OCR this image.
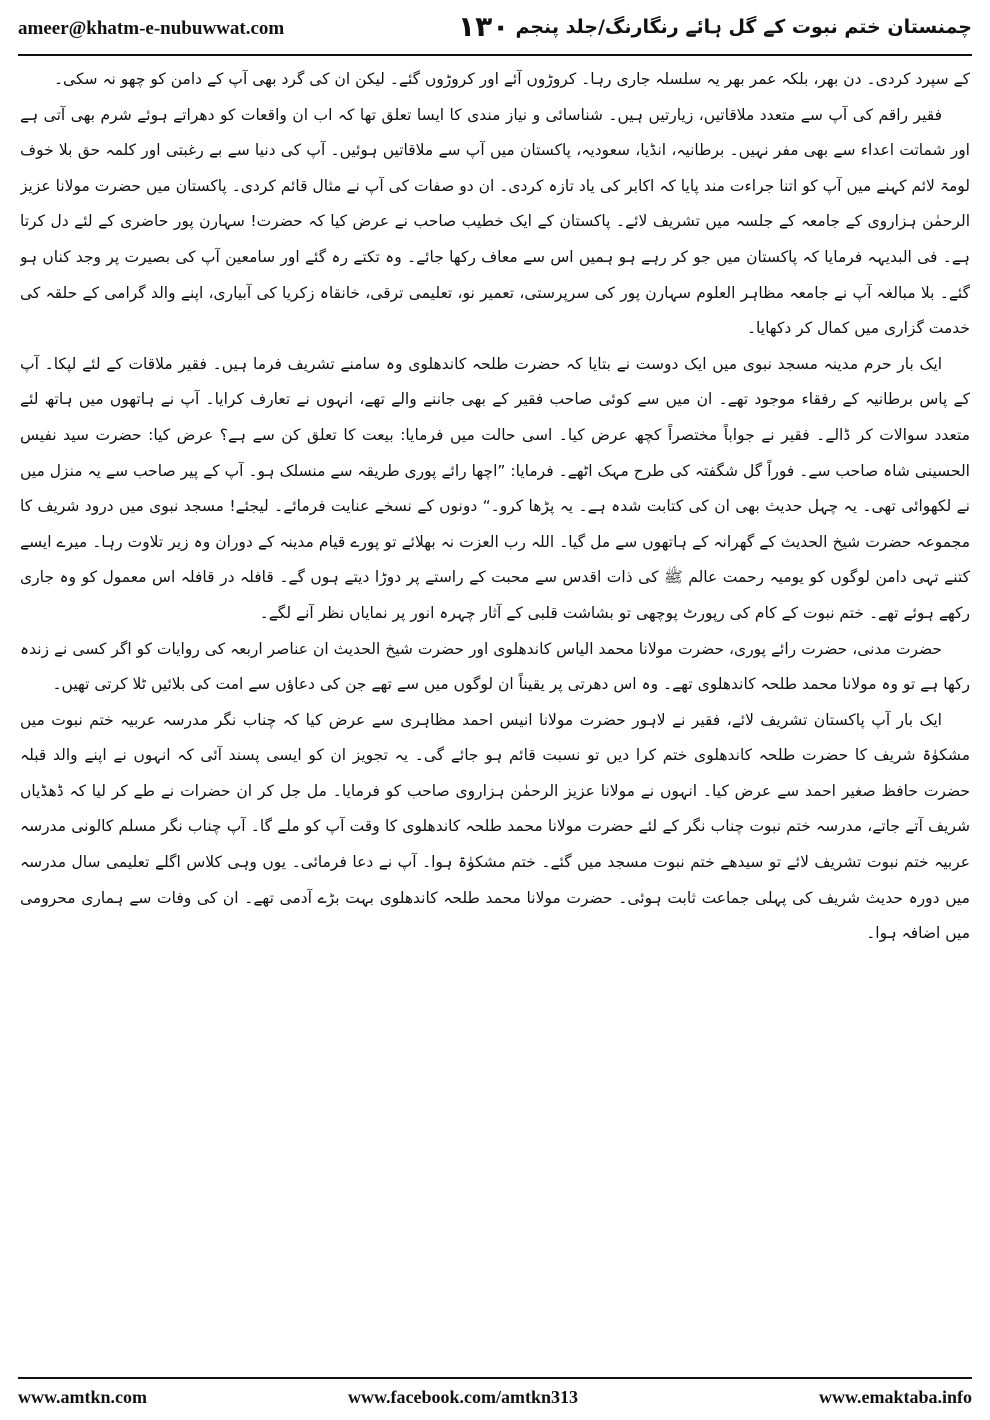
ameer@khatm-e-nubuwwat.com	۱۳۰ چمنستان ختم نبوت کے گل ہائے رنگارنگ/جلد پنجم

کے سپرد کردی۔ دن بھر، بلکہ عمر بھر یہ سلسلہ جاری رہا۔ کروڑوں آئے اور کروڑوں گئے۔ لیکن ان کی گرد بھی آپ کے دامن کو چھو نہ سکی۔

فقیر راقم کی آپ سے متعدد ملاقاتیں، زیارتیں ہیں۔ شناسائی و نیاز مندی کا ایسا تعلق تھا کہ اب ان واقعات کو دھراتے ہوئے شرم بھی آتی ہے اور شماتت اعداء سے بھی مفر نہیں۔ برطانیہ، انڈیا، سعودیہ، پاکستان میں آپ سے ملاقاتیں ہوئیں۔ آپ کی دنیا سے بے رغبتی اور کلمہ حق بلا خوف لومۃ لائم کہنے میں آپ کو اتنا جراءت مند پایا کہ اکابر کی یاد تازہ کردی۔ ان دو صفات کی آپ نے مثال قائم کردی۔ پاکستان میں حضرت مولانا عزیز الرحمٰن ہزاروی کے جامعہ کے جلسہ میں تشریف لائے۔ پاکستان کے ایک خطیب صاحب نے عرض کیا کہ حضرت! سہارن پور حاضری کے لئے دل کرتا ہے۔ فی البدیہہ فرمایا کہ پاکستان میں جو کر رہے ہو ہمیں اس سے معاف رکھا جائے۔ وہ تکتے رہ گئے اور سامعین آپ کی بصیرت پر وجد کناں ہو گئے۔ بلا مبالغہ آپ نے جامعہ مظاہر العلوم سہارن پور کی سرپرستی، تعمیر نو، تعلیمی ترقی، خانقاہ زکریا کی آبیاری، اپنے والد گرامی کے حلقہ کی خدمت گزاری میں کمال کر دکھایا۔

ایک بار حرم مدینہ مسجد نبوی میں ایک دوست نے بتایا کہ حضرت طلحہ کاندھلوی وہ سامنے تشریف فرما ہیں۔ فقیر ملاقات کے لئے لپکا۔ آپ کے پاس برطانیہ کے رفقاء موجود تھے۔ ان میں سے کوئی صاحب فقیر کے بھی جاننے والے تھے، انہوں نے تعارف کرایا۔ آپ نے ہاتھوں میں ہاتھ لئے متعدد سوالات کر ڈالے۔ فقیر نے جواباً مختصراً کچھ عرض کیا۔ اسی حالت میں فرمایا: بیعت کا تعلق کن سے ہے؟ عرض کیا: حضرت سید نفیس الحسینی شاہ صاحب سے۔ فوراً گل شگفتہ کی طرح مہک اٹھے۔ فرمایا: ”اچھا رائے پوری طریقہ سے منسلک ہو۔ آپ کے پیر صاحب سے یہ منزل میں نے لکھوائی تھی۔ یہ چہل حدیث بھی ان کی کتابت شدہ ہے۔ یہ پڑھا کرو۔“ دونوں کے نسخے عنایت فرمائے۔ لیجئے! مسجد نبوی میں درود شریف کا مجموعہ حضرت شیخ الحدیث کے گھرانہ کے ہاتھوں سے مل گیا۔ اللہ رب العزت نہ بھلائے تو پورے قیام مدینہ کے دوران وہ زیر تلاوت رہا۔ میرے ایسے کتنے تہی دامن لوگوں کو یومیہ رحمت عالم ﷺ کی ذات اقدس سے محبت کے راستے پر دوڑا دیتے ہوں گے۔ قافلہ در قافلہ اس معمول کو وہ جاری رکھے ہوئے تھے۔ ختم نبوت کے کام کی رپورٹ پوچھی تو بشاشت قلبی کے آثار چہرہ انور پر نمایاں نظر آنے لگے۔

حضرت مدنی، حضرت رائے پوری، حضرت مولانا محمد الیاس کاندھلوی اور حضرت شیخ الحدیث ان عناصر اربعہ کی روایات کو اگر کسی نے زندہ رکھا ہے تو وہ مولانا محمد طلحہ کاندھلوی تھے۔ وہ اس دھرتی پر یقیناً ان لوگوں میں سے تھے جن کی دعاؤں سے امت کی بلائیں ٹلا کرتی تھیں۔

ایک بار آپ پاکستان تشریف لائے، فقیر نے لاہور حضرت مولانا انیس احمد مظاہری سے عرض کیا کہ چناب نگر مدرسہ عربیہ ختم نبوت میں مشکوٰۃ شریف کا حضرت طلحہ کاندھلوی ختم کرا دیں تو نسبت قائم ہو جائے گی۔ یہ تجویز ان کو ایسی پسند آئی کہ انہوں نے اپنے والد قبلہ حضرت حافظ صغیر احمد سے عرض کیا۔ انہوں نے مولانا عزیز الرحمٰن ہزاروی صاحب کو فرمایا۔ مل جل کر ان حضرات نے طے کر لیا کہ ڈھڈیاں شریف آتے جاتے، مدرسہ ختم نبوت چناب نگر کے لئے حضرت مولانا محمد طلحہ کاندھلوی کا وقت آپ کو ملے گا۔ آپ چناب نگر مسلم کالونی مدرسہ عربیہ ختم نبوت تشریف لائے تو سیدھے ختم نبوت مسجد میں گئے۔ ختم مشکوٰۃ ہوا۔ آپ نے دعا فرمائی۔ یوں وہی کلاس اگلے تعلیمی سال مدرسہ میں دورہ حدیث شریف کی پہلی جماعت ثابت ہوئی۔ حضرت مولانا محمد طلحہ کاندھلوی بہت بڑے آدمی تھے۔ ان کی وفات سے ہماری محرومی میں اضافہ ہوا۔

www.amtkn.com	www.facebook.com/amtkn313	www.emaktaba.info
